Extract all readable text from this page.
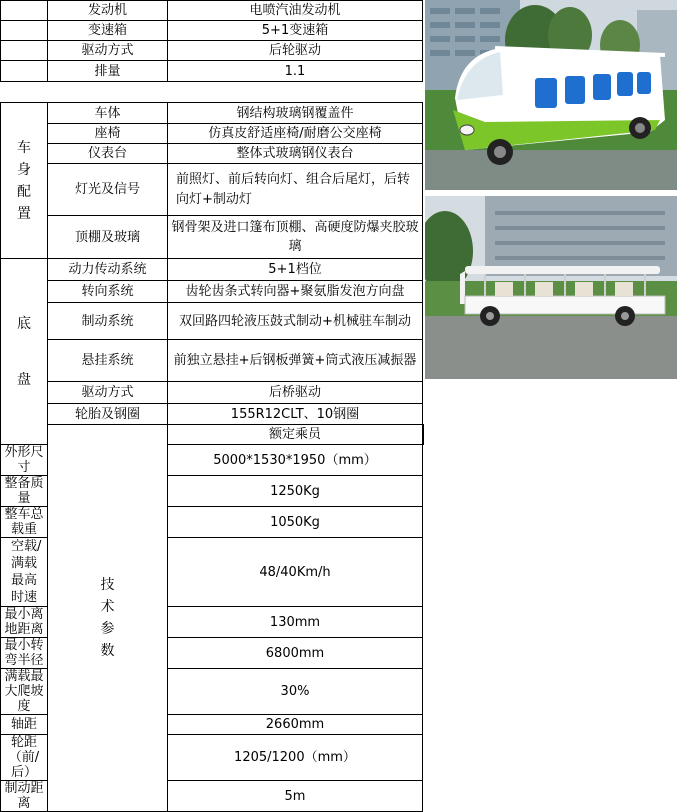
	发动机	电喷汽油发动机	
	变速箱	5+1变速箱	
	驱动方式	后轮驱动	
	排量	1.1	

车身配置	车体	钢结构玻璃钢覆盖件	
	座椅	仿真皮舒适座椅/耐磨公交座椅	
	仪表台	整体式玻璃钢仪表台	
	灯光及信号	前照灯、前后转向灯、组合后尾灯，后转向灯+制动灯	
	顶棚及玻璃	钢骨架及进口篷布顶棚、高硬度防爆夹胶玻璃	

底盘	动力传动系统	5+1档位	
	转向系统	齿轮齿条式转向器+聚氨脂发泡方向盘	
	制动系统	双回路四轮液压鼓式制动+机械驻车制动	
	悬挂系统	前独立悬挂+后钢板弹簧+筒式液压减振器	
	驱动方式	后桥驱动	
	轮胎及钢圈	155R12CLT、10钢圈	

	技术参数	额定乘员	
外形尺寸		5000*1530*1950（mm）	
整备质量		1250Kg	
整车总载重		1050Kg	
空载/满载最高时速		48/40Km/h	
最小离地距离		130mm	
最小转弯半径		6800mm	
满载最大爬坡度		30%	
轴距		2660mm	
轮距（前/后）		1205/1200（mm）	
制动距离		5m	
